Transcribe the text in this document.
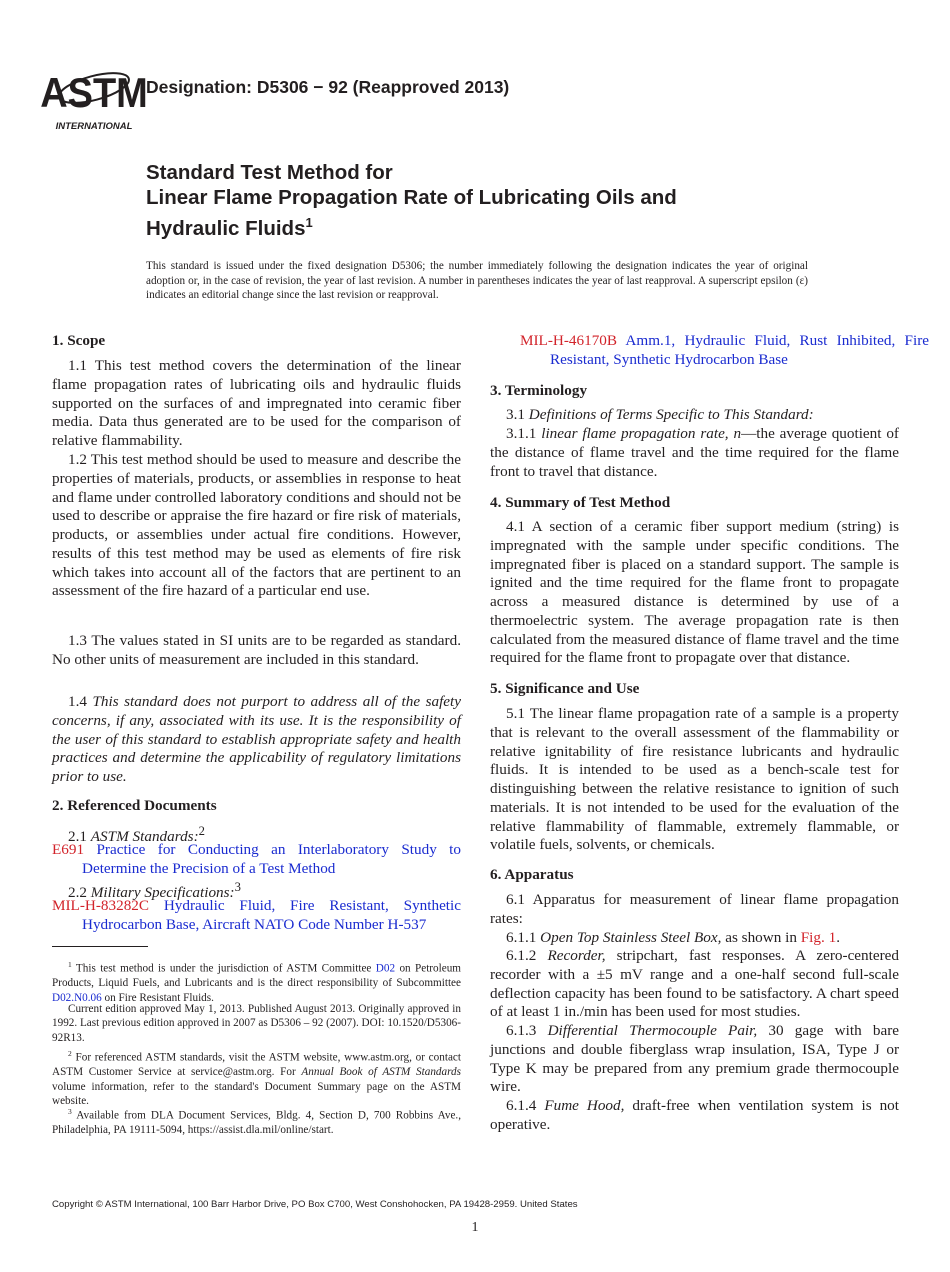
ASTM
INTERNATIONAL
Designation: D5306 − 92 (Reapproved 2013)
Standard Test Method for
Linear Flame Propagation Rate of Lubricating Oils and
Hydraulic Fluids$^1$
This standard is issued under the fixed designation D5306; the number immediately following the designation indicates the year of original adoption or, in the case of revision, the year of last revision. A number in parentheses indicates the year of last reapproval. A superscript epsilon (ε) indicates an editorial change since the last revision or reapproval.
1. Scope
1.1 This test method covers the determination of the linear flame propagation rates of lubricating oils and hydraulic fluids supported on the surfaces of and impregnated into ceramic fiber media. Data thus generated are to be used for the comparison of relative flammability.
1.2 This test method should be used to measure and describe the properties of materials, products, or assemblies in response to heat and flame under controlled laboratory conditions and should not be used to describe or appraise the fire hazard or fire risk of materials, products, or assemblies under actual fire conditions. However, results of this test method may be used as elements of fire risk which takes into account all of the factors that are pertinent to an assessment of the fire hazard of a particular end use.
1.3 The values stated in SI units are to be regarded as standard. No other units of measurement are included in this standard.
1.4 This standard does not purport to address all of the safety concerns, if any, associated with its use. It is the responsibility of the user of this standard to establish appropriate safety and health practices and determine the applicability of regulatory limitations prior to use.
2. Referenced Documents
2.1 ASTM Standards:$^2$
E691 Practice for Conducting an Interlaboratory Study to Determine the Precision of a Test Method
2.2 Military Specifications:$^3$
MIL-H-83282C Hydraulic Fluid, Fire Resistant, Synthetic Hydrocarbon Base, Aircraft NATO Code Number H-537
$^1$ This test method is under the jurisdiction of ASTM Committee D02 on Petroleum Products, Liquid Fuels, and Lubricants and is the direct responsibility of Subcommittee D02.N0.06 on Fire Resistant Fluids.
Current edition approved May 1, 2013. Published August 2013. Originally approved in 1992. Last previous edition approved in 2007 as D5306 – 92 (2007). DOI: 10.1520/D5306-92R13.
$^2$ For referenced ASTM standards, visit the ASTM website, www.astm.org, or contact ASTM Customer Service at service@astm.org. For Annual Book of ASTM Standards volume information, refer to the standard's Document Summary page on the ASTM website.
$^3$ Available from DLA Document Services, Bldg. 4, Section D, 700 Robbins Ave., Philadelphia, PA 19111-5094, https://assist.dla.mil/online/start.
MIL-H-46170B Amm.1, Hydraulic Fluid, Rust Inhibited, Fire Resistant, Synthetic Hydrocarbon Base
3. Terminology
3.1 Definitions of Terms Specific to This Standard:
3.1.1 linear flame propagation rate, n—the average quotient of the distance of flame travel and the time required for the flame front to travel that distance.
4. Summary of Test Method
4.1 A section of a ceramic fiber support medium (string) is impregnated with the sample under specific conditions. The impregnated fiber is placed on a standard support. The sample is ignited and the time required for the flame front to propagate across a measured distance is determined by use of a thermoelectric system. The average propagation rate is then calculated from the measured distance of flame travel and the time required for the flame front to propagate over that distance.
5. Significance and Use
5.1 The linear flame propagation rate of a sample is a property that is relevant to the overall assessment of the flammability or relative ignitability of fire resistance lubricants and hydraulic fluids. It is intended to be used as a bench-scale test for distinguishing between the relative resistance to ignition of such materials. It is not intended to be used for the evaluation of the relative flammability of flammable, extremely flammable, or volatile fuels, solvents, or chemicals.
6. Apparatus
6.1 Apparatus for measurement of linear flame propagation rates:
6.1.1 Open Top Stainless Steel Box, as shown in Fig. 1.
6.1.2 Recorder, stripchart, fast responses. A zero-centered recorder with a ±5 mV range and a one-half second full-scale deflection capacity has been found to be satisfactory. A chart speed of at least 1 in./min has been used for most studies.
6.1.3 Differential Thermocouple Pair, 30 gage with bare junctions and double fiberglass wrap insulation, ISA, Type J or Type K may be prepared from any premium grade thermocouple wire.
6.1.4 Fume Hood, draft-free when ventilation system is not operative.
Copyright © ASTM International, 100 Barr Harbor Drive, PO Box C700, West Conshohocken, PA 19428-2959. United States
1
